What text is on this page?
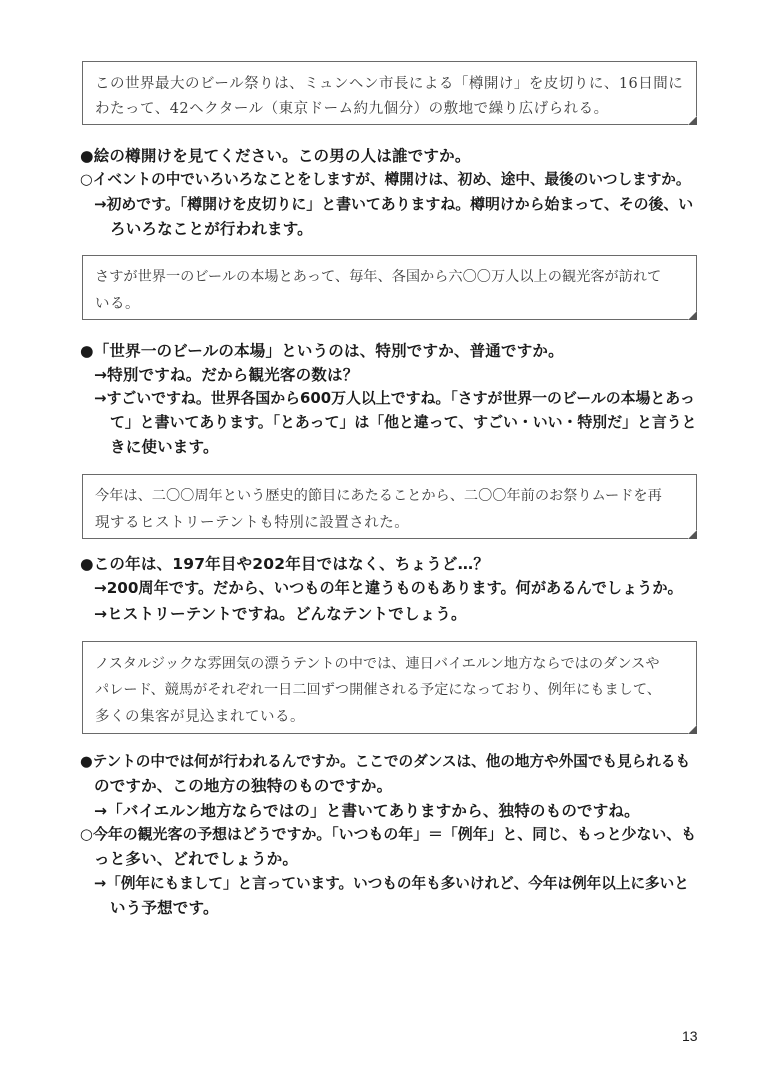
この世界最大のビール祭りは、ミュンヘン市長による「樽開け」を皮切りに、16日間に
わたって、42ヘクタール（東京ドーム約九個分）の敷地で繰り広げられる。
●絵の樽開けを見てください。この男の人は誰ですか。
○イベントの中でいろいろなことをしますが、樽開けは、初め、途中、最後のいつしますか。
→初めです。「樽開けを皮切りに」と書いてありますね。樽明けから始まって、その後、い
ろいろなことが行われます。
さすが世界一のビールの本場とあって、毎年、各国から六〇〇万人以上の観光客が訪れて
いる。
●「世界一のビールの本場」というのは、特別ですか、普通ですか。
→特別ですね。だから観光客の数は？
→すごいですね。世界各国から600万人以上ですね。「さすが世界一のビールの本場とあっ
て」と書いてあります。「とあって」は「他と違って、すごい・いい・特別だ」と言うと
きに使います。
今年は、二〇〇周年という歴史的節目にあたることから、二〇〇年前のお祭りムードを再
現するヒストリーテントも特別に設置された。
●この年は、197年目や202年目ではなく、ちょうど…？
→200周年です。だから、いつもの年と違うものもあります。何があるんでしょうか。
→ヒストリーテントですね。どんなテントでしょう。
ノスタルジックな雰囲気の漂うテントの中では、連日バイエルン地方ならではのダンスや
パレード、競馬がそれぞれ一日二回ずつ開催される予定になっており、例年にもまして、
多くの集客が見込まれている。
●テントの中では何が行われるんですか。ここでのダンスは、他の地方や外国でも見られるも
のですか、この地方の独特のものですか。
→「バイエルン地方ならではの」と書いてありますから、独特のものですね。
○今年の観光客の予想はどうですか。「いつもの年」＝「例年」と、同じ、もっと少ない、も
っと多い、どれでしょうか。
→「例年にもまして」と言っています。いつもの年も多いけれど、今年は例年以上に多いと
いう予想です。
13
